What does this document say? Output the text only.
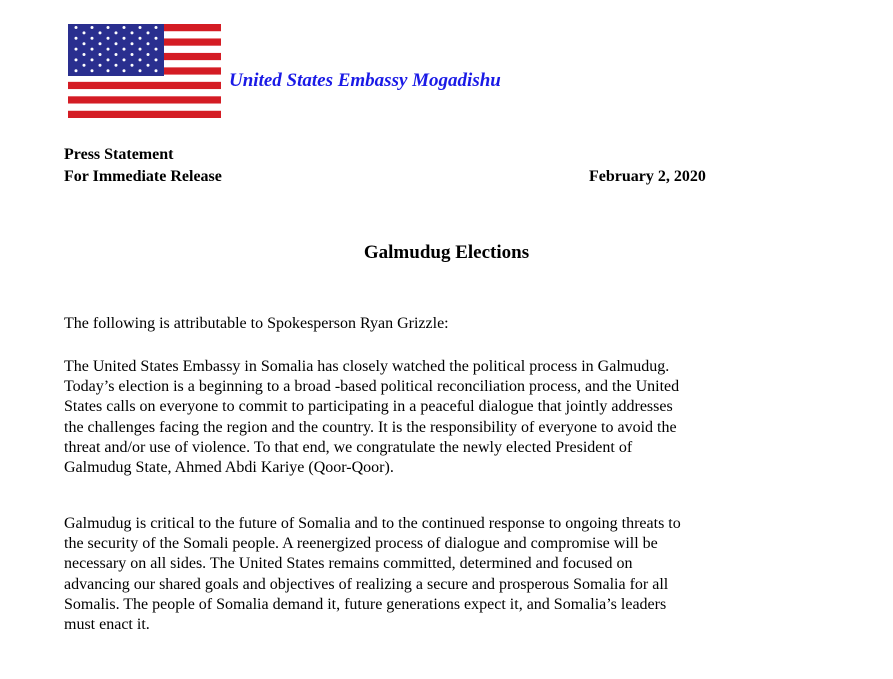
United States Embassy Mogadishu
Press Statement
For Immediate Release	February 2, 2020
Galmudug Elections
The following is attributable to Spokesperson Ryan Grizzle:
The United States Embassy in Somalia has closely watched the political process in Galmudug.
Today’s election is a beginning to a broad -based political reconciliation process, and the United
States calls on everyone to commit to participating in a peaceful dialogue that jointly addresses
the challenges facing the region and the country. It is the responsibility of everyone to avoid the
threat and/or use of violence. To that end, we congratulate the newly elected President of
Galmudug State, Ahmed Abdi Kariye (Qoor-Qoor).
Galmudug is critical to the future of Somalia and to the continued response to ongoing threats to
the security of the Somali people. A reenergized process of dialogue and compromise will be
necessary on all sides. The United States remains committed, determined and focused on
advancing our shared goals and objectives of realizing a secure and prosperous Somalia for all
Somalis. The people of Somalia demand it, future generations expect it, and Somalia’s leaders
must enact it.
